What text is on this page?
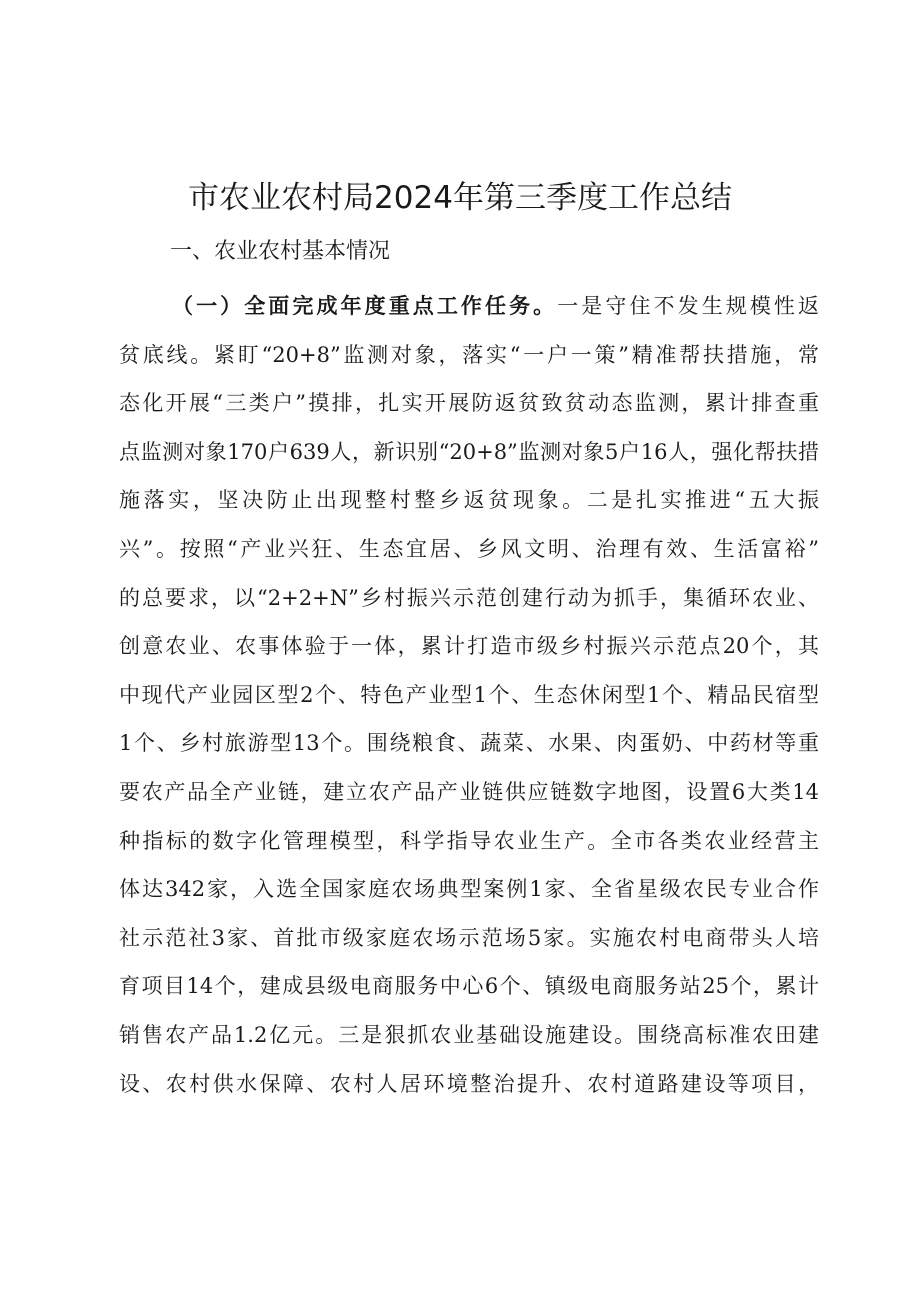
市农业农村局2024年第三季度工作总结
一、农业农村基本情况
（一）全面完成年度重点工作任务。一是守住不发生规模性返
贫底线。紧盯“20+8”监测对象，落实“一户一策”精准帮扶措施，常
态化开展“三类户”摸排，扎实开展防返贫致贫动态监测，累计排查重
点监测对象170户639人，新识别“20+8”监测对象5户16人，强化帮扶措
施落实，坚决防止出现整村整乡返贫现象。二是扎实推进“五大振
兴”。按照“产业兴狂、生态宜居、乡风文明、治理有效、生活富裕”
的总要求，以“2+2+N”乡村振兴示范创建行动为抓手，集循环农业、
创意农业、农事体验于一体，累计打造市级乡村振兴示范点20个，其
中现代产业园区型2个、特色产业型1个、生态休闲型1个、精品民宿型
1个、乡村旅游型13个。围绕粮食、蔬菜、水果、肉蛋奶、中药材等重
要农产品全产业链，建立农产品产业链供应链数字地图，设置6大类14
种指标的数字化管理模型，科学指导农业生产。全市各类农业经营主
体达342家，入选全国家庭农场典型案例1家、全省星级农民专业合作
社示范社3家、首批市级家庭农场示范场5家。实施农村电商带头人培
育项目14个，建成县级电商服务中心6个、镇级电商服务站25个，累计
销售农产品1.2亿元。三是狠抓农业基础设施建设。围绕高标准农田建
设、农村供水保障、农村人居环境整治提升、农村道路建设等项目，
